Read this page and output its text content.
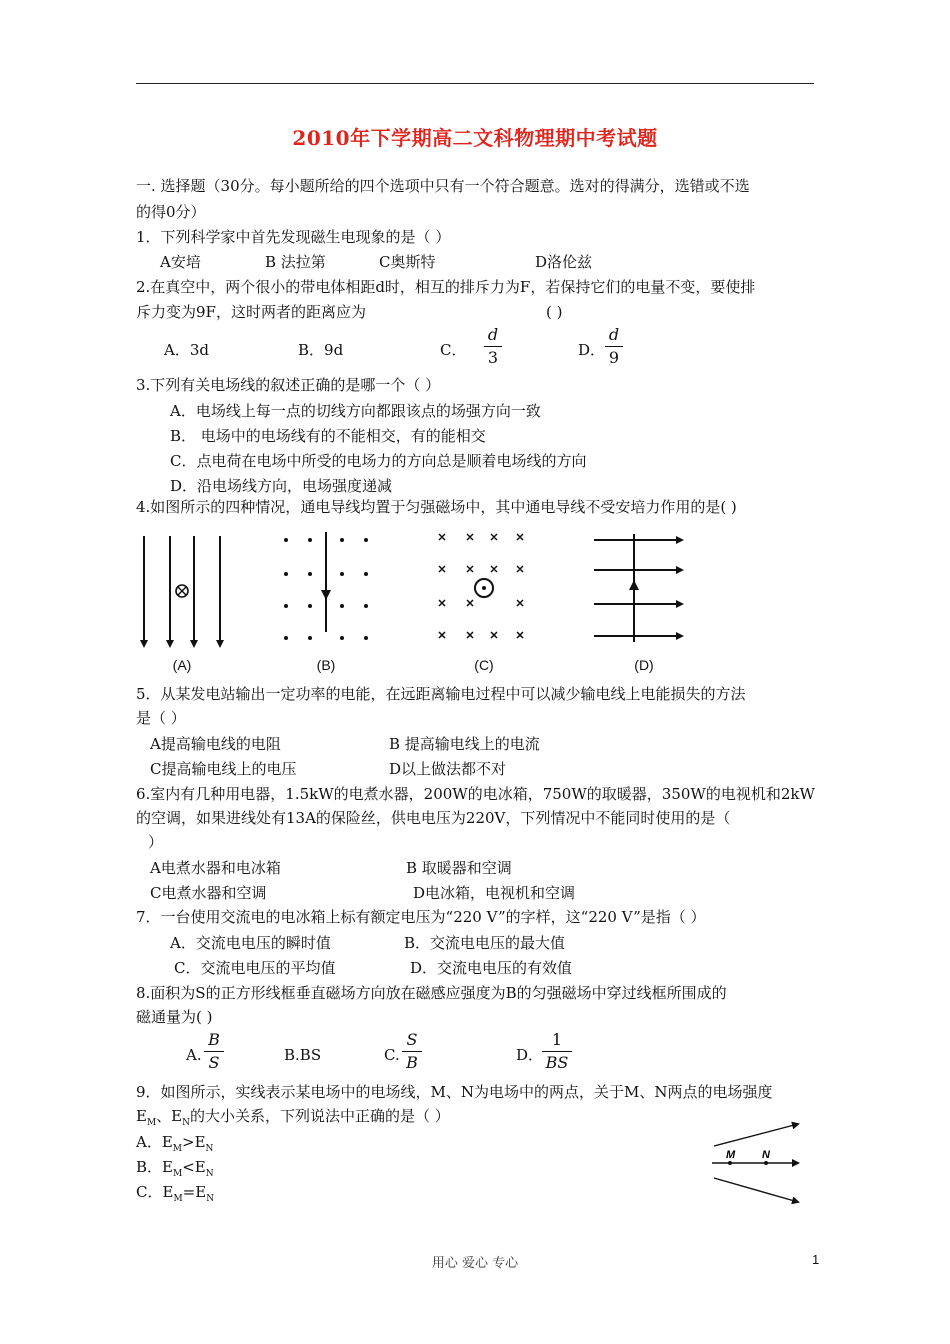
2010年下学期高二文科物理期中考试题
一. 选择题（30分。每小题所给的四个选项中只有一个符合题意。选对的得满分，选错或不选
的得0分）
1．下列科学家中首先发现磁生电现象的是（ ）
A安培	B 法拉第	C奥斯特	D洛伦兹
2.在真空中，两个很小的带电体相距d时，相互的排斥力为F，若保持它们的电量不变，要使排
斥力变为9F，这时两者的距离应为	( )
A．3d	B．9d	C．
d
3	D．
d
9
3.下列有关电场线的叙述正确的是哪一个（ ）
A．电场线上每一点的切线方向都跟该点的场强方向一致
B． 电场中的电场线有的不能相交，有的能相交
C．点电荷在电场中所受的电场力的方向总是顺着电场线的方向
D．沿电场线方向，电场强度递减
4.如图所示的四种情况，通电导线均置于匀强磁场中，其中通电导线不受安培力作用的是( )
(A)	(B)	(C)	(D)
5．从某发电站输出一定功率的电能，在远距离输电过程中可以减少输电线上电能损失的方法
是（ ）
A提高输电线的电阻	B 提高输电线上的电流
C提高输电线上的电压	D以上做法都不对
6.室内有几种用电器，1.5kW的电煮水器，200W的电冰箱，750W的取暖器，350W的电视机和2kW
的空调，如果进线处有13A的保险丝，供电电压为220V，下列情况中不能同时使用的是（
）
A电煮水器和电冰箱	B 取暖器和空调
C电煮水器和空调	D电冰箱，电视机和空调
7．一台使用交流电的电冰箱上标有额定电压为“220 V”的字样，这“220 V”是指（ ）
A．交流电电压的瞬时值	B．交流电电压的最大值
C．交流电电压的平均值	D．交流电电压的有效值
8.面积为S的正方形线框垂直磁场方向放在磁感应强度为B的匀强磁场中穿过线框所围成的
磁通量为( )
A.
B
S	B.BS	C.
S
B	D．
1
BS
9．如图所示，实线表示某电场中的电场线，M、N为电场中的两点，关于M、N两点的电场强度
$E_M$、$E_N$的大小关系，下列说法中正确的是（ ）
A．$E_M>E_N$
B．$E_M<E_N$
C．$E_M=E_N$
M N
用心 爱心 专心	1
